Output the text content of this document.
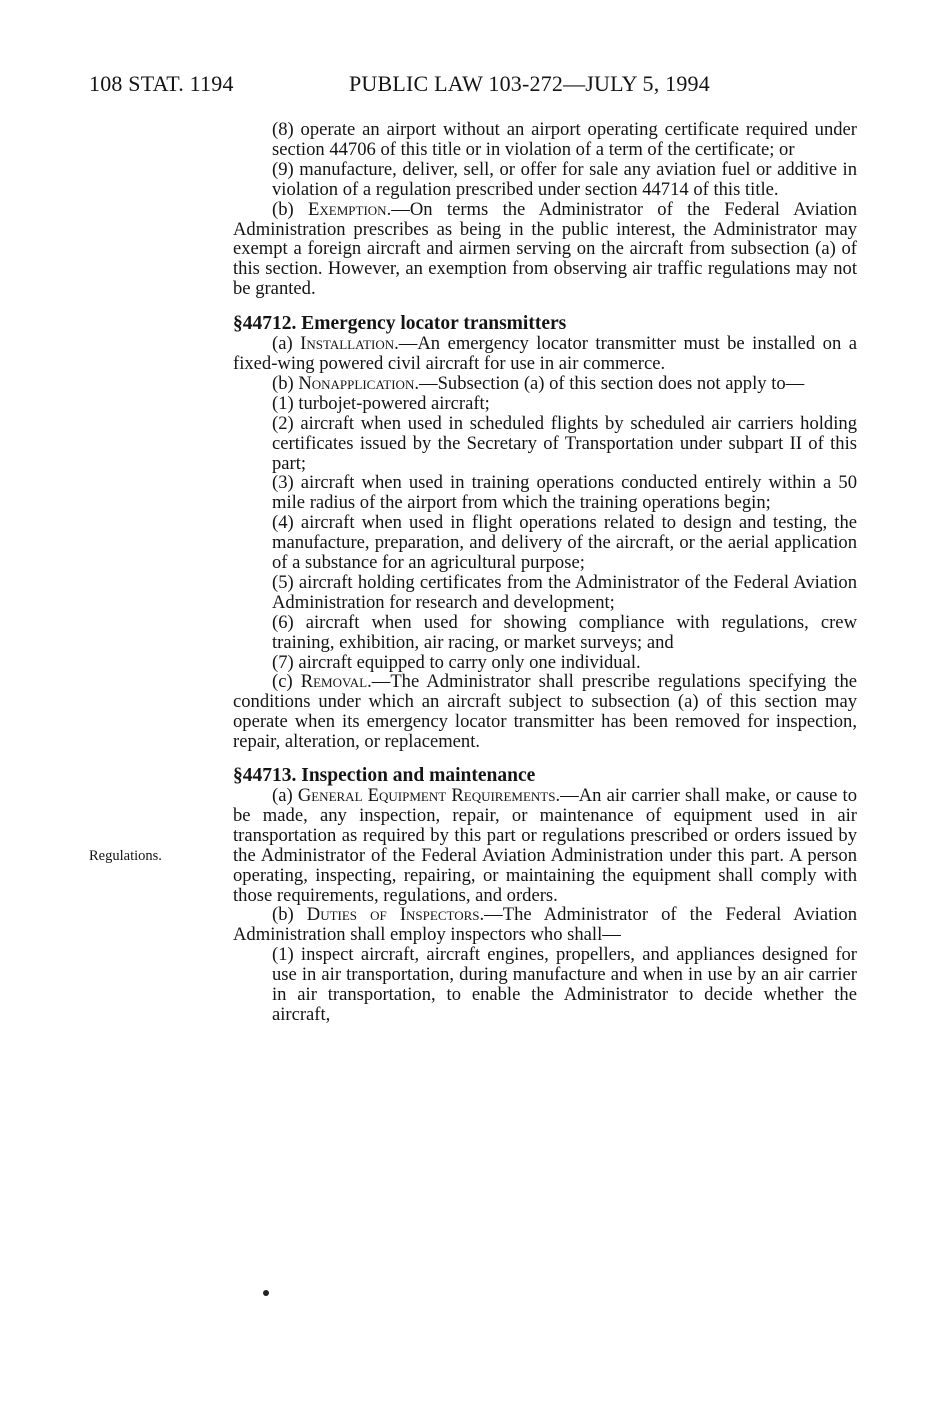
108 STAT. 1194	PUBLIC LAW 103-272—JULY 5, 1994
Regulations.

(8) operate an airport without an airport operating certificate required under section 44706 of this title or in violation of a term of the certificate; or

(9) manufacture, deliver, sell, or offer for sale any aviation fuel or additive in violation of a regulation prescribed under section 44714 of this title.

(b) Exemption.—On terms the Administrator of the Federal Aviation Administration prescribes as being in the public interest, the Administrator may exempt a foreign aircraft and airmen serving on the aircraft from subsection (a) of this section. However, an exemption from observing air traffic regulations may not be granted.

§44712. Emergency locator transmitters

(a) Installation.—An emergency locator transmitter must be installed on a fixed-wing powered civil aircraft for use in air commerce.

(b) Nonapplication.—Subsection (a) of this section does not apply to—

(1) turbojet-powered aircraft;

(2) aircraft when used in scheduled flights by scheduled air carriers holding certificates issued by the Secretary of Transportation under subpart II of this part;

(3) aircraft when used in training operations conducted entirely within a 50 mile radius of the airport from which the training operations begin;

(4) aircraft when used in flight operations related to design and testing, the manufacture, preparation, and delivery of the aircraft, or the aerial application of a substance for an agricultural purpose;

(5) aircraft holding certificates from the Administrator of the Federal Aviation Administration for research and development;

(6) aircraft when used for showing compliance with regulations, crew training, exhibition, air racing, or market surveys; and

(7) aircraft equipped to carry only one individual.

(c) Removal.—The Administrator shall prescribe regulations specifying the conditions under which an aircraft subject to subsection (a) of this section may operate when its emergency locator transmitter has been removed for inspection, repair, alteration, or replacement.

§44713. Inspection and maintenance

(a) General Equipment Requirements.—An air carrier shall make, or cause to be made, any inspection, repair, or maintenance of equipment used in air transportation as required by this part or regulations prescribed or orders issued by the Administrator of the Federal Aviation Administration under this part. A person operating, inspecting, repairing, or maintaining the equipment shall comply with those requirements, regulations, and orders.

(b) Duties of Inspectors.—The Administrator of the Federal Aviation Administration shall employ inspectors who shall—

(1) inspect aircraft, aircraft engines, propellers, and appliances designed for use in air transportation, during manufacture and when in use by an air carrier in air transportation, to enable the Administrator to decide whether the aircraft,
